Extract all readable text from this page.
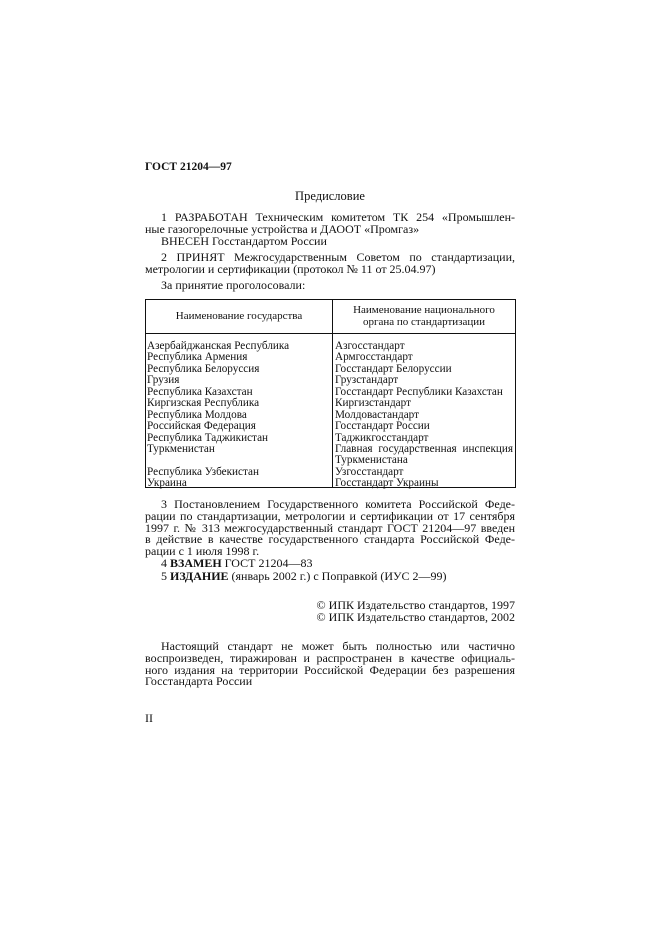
ГОСТ 21204—97
Предисловие
1 РАЗРАБОТАН Техническим комитетом ТК 254 «Промышлен-
ные газогорелочные устройства и ДАООТ «Промгаз»
ВНЕСЕН Госстандартом России
2 ПРИНЯТ Межгосударственным Советом по стандартизации,
метрологии и сертификации (протокол № 11 от 25.04.97)
За принятие проголосовали:
Наименование государства	Наименование национального
органа по стандартизации
Азербайджанская Республика
Республика Армения
Республика Белоруссия
Грузия
Республика Казахстан
Киргизская Республика
Республика Молдова
Российская Федерация
Республика Таджикистан
Туркменистан
Республика Узбекистан
Украина
Азгосстандарт
Армгосстандарт
Госстандарт Белоруссии
Грузстандарт
Госстандарт Республики Казахстан
Киргизстандарт
Молдовастандарт
Госстандарт России
Таджикгосстандарт
Главная государственная инспекция
Туркменистана
Узгосстандарт
Госстандарт Украины
3 Постановлением Государственного комитета Российской Феде-
рации по стандартизации, метрологии и сертификации от 17 сентября
1997 г. № 313 межгосударственный стандарт ГОСТ 21204—97 введен
в действие в качестве государственного стандарта Российской Феде-
рации с 1 июля 1998 г.
4 ВЗАМЕН ГОСТ 21204—83
5 ИЗДАНИЕ (январь 2002 г.) с Поправкой (ИУС 2—99)
© ИПК Издательство стандартов, 1997
© ИПК Издательство стандартов, 2002
Настоящий стандарт не может быть полностью или частично
воспроизведен, тиражирован и распространен в качестве официаль-
ного издания на территории Российской Федерации без разрешения
Госстандарта России
II
